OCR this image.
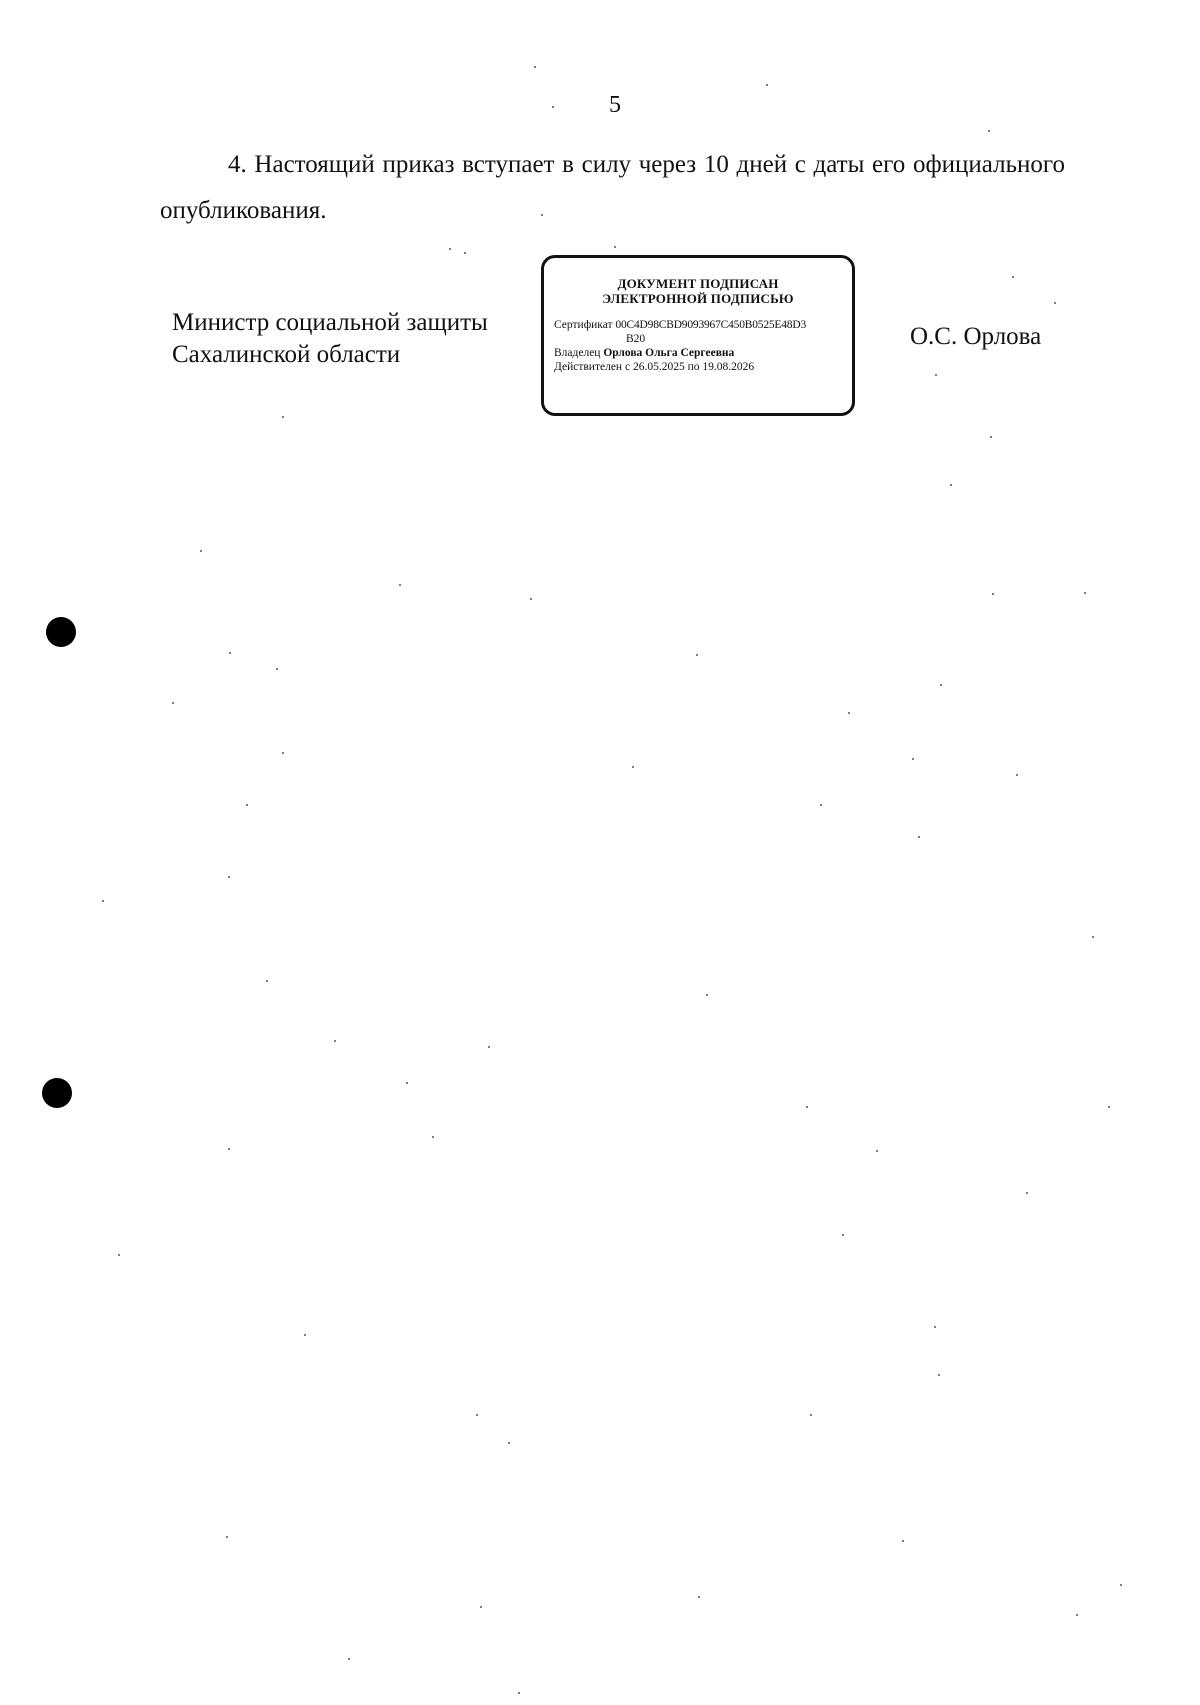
5

4. Настоящий приказ вступает в силу через 10 дней с даты его официального опубликования.

Министр социальной защиты
Сахалинской области
ДОКУМЕНТ ПОДПИСАН
ЭЛЕКТРОННОЙ ПОДПИСЬЮ
Сертификат 00C4D98CBD9093967C450B0525E48D3
B20
Владелец Орлова Ольга Сергеевна
Действителен с 26.05.2025 по 19.08.2026
О.С. Орлова
